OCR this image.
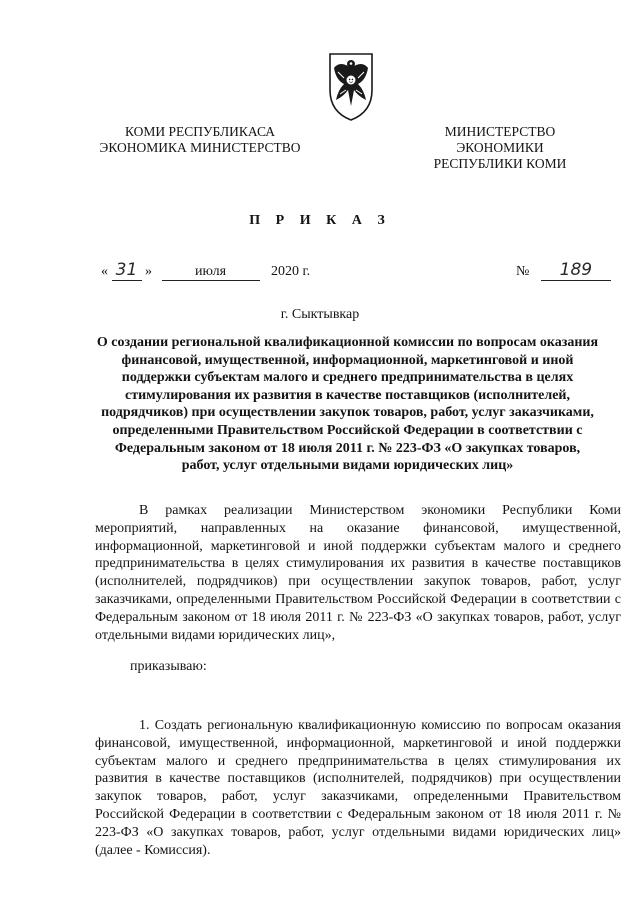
КОМИ РЕСПУБЛИКАСА
ЭКОНОМИКА МИНИСТЕРСТВО
МИНИСТЕРСТВО ЭКОНОМИКИ
РЕСПУБЛИКИ КОМИ
П Р И К А З
« 31 »	июля	2020 г.	№ 189
г. Сыктывкар
О создании региональной квалификационной комиссии по вопросам оказания финансовой, имущественной, информационной, маркетинговой и иной поддержки субъектам малого и среднего предпринимательства в целях стимулирования их развития в качестве поставщиков (исполнителей, подрядчиков) при осуществлении закупок товаров, работ, услуг заказчиками, определенными Правительством Российской Федерации в соответствии с Федеральным законом от 18 июля 2011 г. № 223-ФЗ «О закупках товаров, работ, услуг отдельными видами юридических лиц»
В рамках реализации Министерством экономики Республики Коми мероприятий, направленных на оказание финансовой, имущественной, информационной, маркетинговой и иной поддержки субъектам малого и среднего предпринимательства в целях стимулирования их развития в качестве поставщиков (исполнителей, подрядчиков) при осуществлении закупок товаров, работ, услуг заказчиками, определенными Правительством Российской Федерации в соответствии с Федеральным законом от 18 июля 2011 г. № 223-ФЗ «О закупках товаров, работ, услуг отдельными видами юридических лиц»,
приказываю:
1. Создать региональную квалификационную комиссию по вопросам оказания финансовой, имущественной, информационной, маркетинговой и иной поддержки субъектам малого и среднего предпринимательства в целях стимулирования их развития в качестве поставщиков (исполнителей, подрядчиков) при осуществлении закупок товаров, работ, услуг заказчиками, определенными Правительством Российской Федерации в соответствии с Федеральным законом от 18 июля 2011 г. № 223-ФЗ «О закупках товаров, работ, услуг отдельными видами юридических лиц» (далее - Комиссия).
